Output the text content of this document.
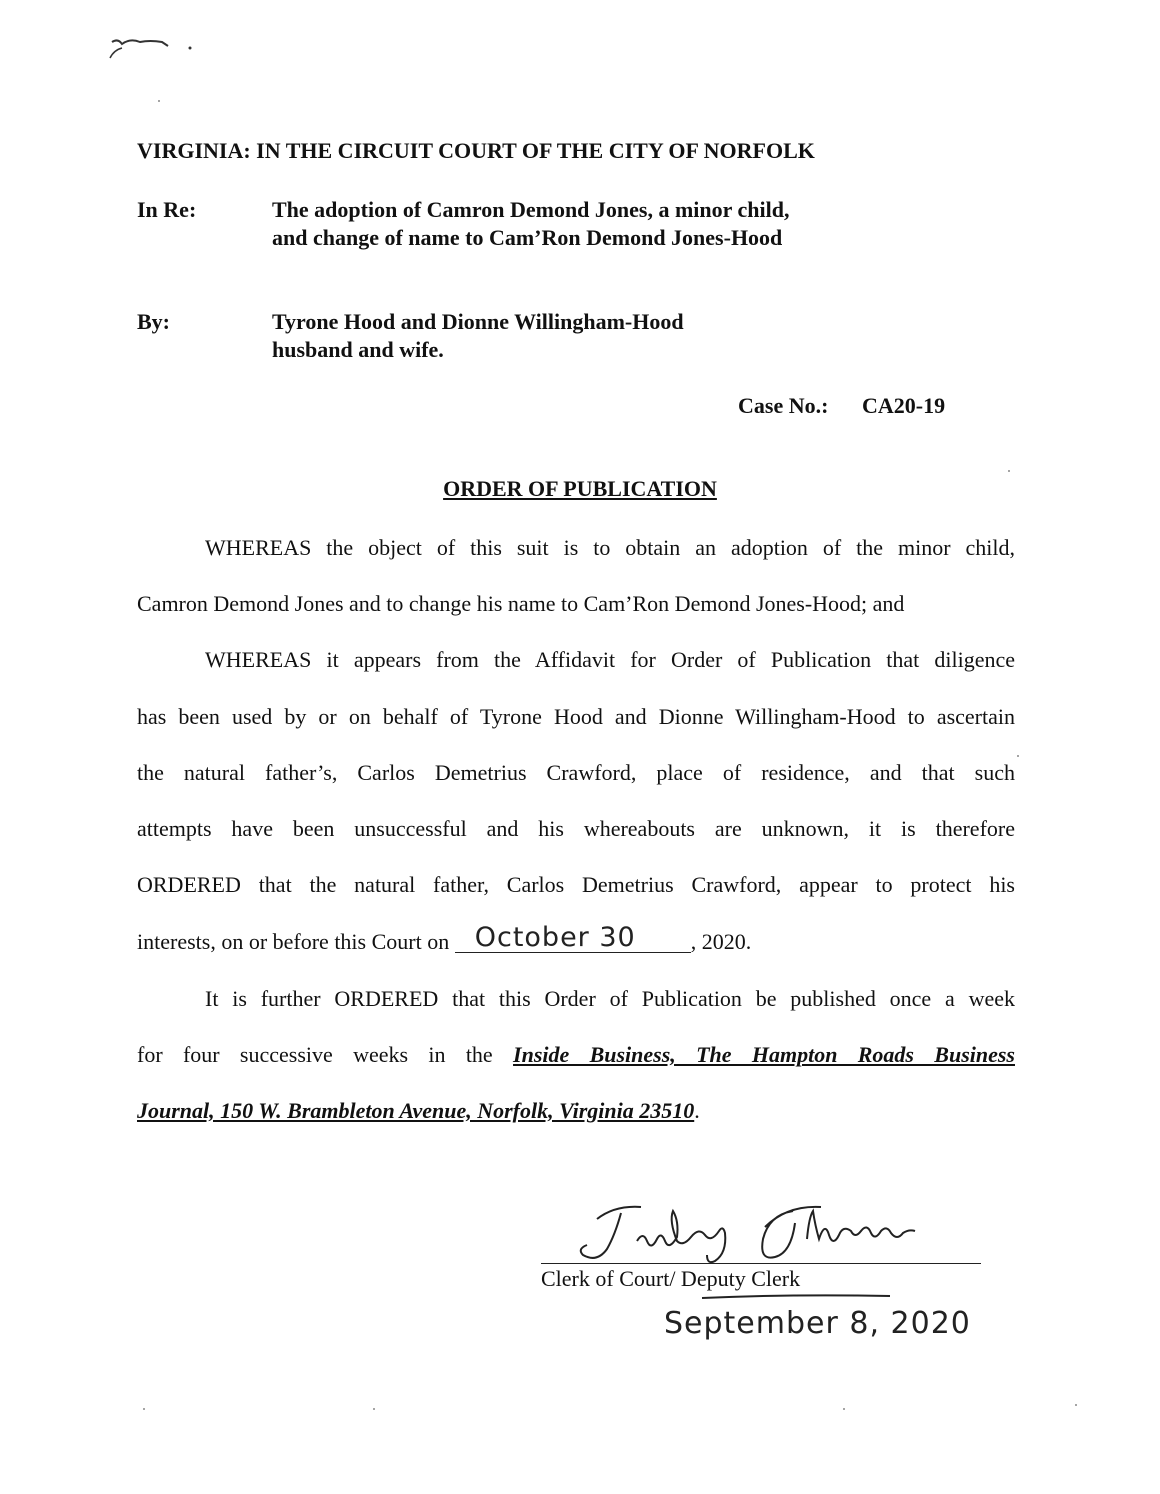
VIRGINIA: IN THE CIRCUIT COURT OF THE CITY OF NORFOLK
In Re:	The adoption of Camron Demond Jones, a minor child,
and change of name to Cam’Ron Demond Jones-Hood
By:	Tyrone Hood and Dionne Willingham-Hood
husband and wife.
Case No.: CA20-19
ORDER OF PUBLICATION
WHEREAS the object of this suit is to obtain an adoption of the minor child,
Camron Demond Jones and to change his name to Cam’Ron Demond Jones-Hood; and
WHEREAS it appears from the Affidavit for Order of Publication that diligence
has been used by or on behalf of Tyrone Hood and Dionne Willingham-Hood to ascertain
the natural father’s, Carlos Demetrius Crawford, place of residence, and that such
attempts have been unsuccessful and his whereabouts are unknown, it is therefore
ORDERED that the natural father, Carlos Demetrius Crawford, appear to protect his
interests, on or before this Court on October 30	, 2020.
It is further ORDERED that this Order of Publication be published once a week
for four successive weeks in the Inside Business, The Hampton Roads Business
Journal, 150 W. Brambleton Avenue, Norfolk, Virginia 23510.
Clerk of Court/ Deputy Clerk
September 8, 2020
